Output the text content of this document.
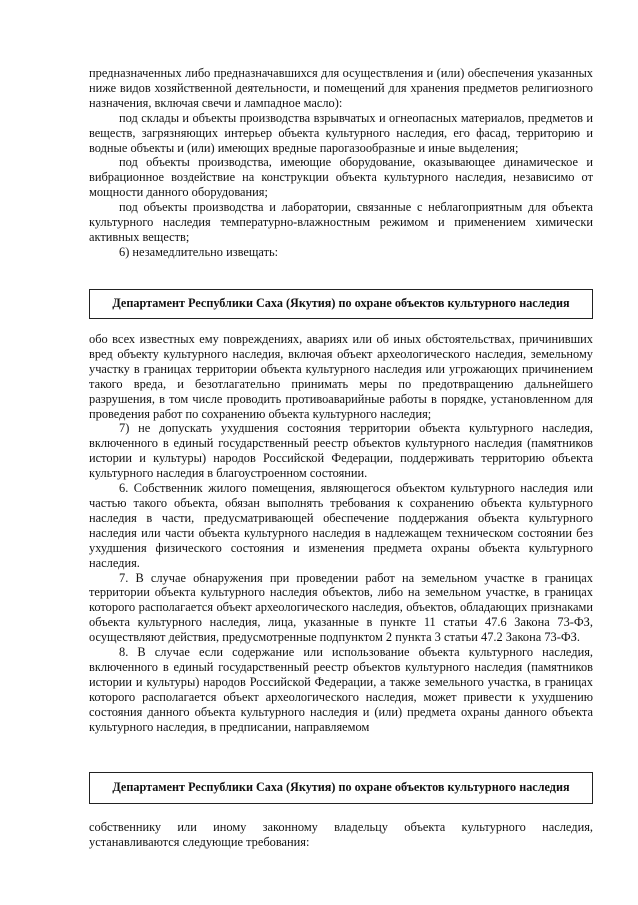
предназначенных либо предназначавшихся для осуществления и (или) обеспечения указанных ниже видов хозяйственной деятельности, и помещений для хранения предметов религиозного назначения, включая свечи и лампадное масло):

под склады и объекты производства взрывчатых и огнеопасных материалов, предметов и веществ, загрязняющих интерьер объекта культурного наследия, его фасад, территорию и водные объекты и (или) имеющих вредные парогазообразные и иные выделения;

под объекты производства, имеющие оборудование, оказывающее динамическое и вибрационное воздействие на конструкции объекта культурного наследия, независимо от мощности данного оборудования;

под объекты производства и лаборатории, связанные с неблагоприятным для объекта культурного наследия температурно-влажностным режимом и применением химически активных веществ;

6) незамедлительно извещать:

Департамент Республики Саха (Якутия) по охране объектов культурного наследия

обо всех известных ему повреждениях, авариях или об иных обстоятельствах, причинивших вред объекту культурного наследия, включая объект археологического наследия, земельному участку в границах территории объекта культурного наследия или угрожающих причинением такого вреда, и безотлагательно принимать меры по предотвращению дальнейшего разрушения, в том числе проводить противоаварийные работы в порядке, установленном для проведения работ по сохранению объекта культурного наследия;

7) не допускать ухудшения состояния территории объекта культурного наследия, включенного в единый государственный реестр объектов культурного наследия (памятников истории и культуры) народов Российской Федерации, поддерживать территорию объекта культурного наследия в благоустроенном состоянии.

6. Собственник жилого помещения, являющегося объектом культурного наследия или частью такого объекта, обязан выполнять требования к сохранению объекта культурного наследия в части, предусматривающей обеспечение поддержания объекта культурного наследия или части объекта культурного наследия в надлежащем техническом состоянии без ухудшения физического состояния и изменения предмета охраны объекта культурного наследия.

7. В случае обнаружения при проведении работ на земельном участке в границах территории объекта культурного наследия объектов, либо на земельном участке, в границах которого располагается объект археологического наследия, объектов, обладающих признаками объекта культурного наследия, лица, указанные в пункте 11 статьи 47.6 Закона 73-ФЗ, осуществляют действия, предусмотренные подпунктом 2 пункта 3 статьи 47.2 Закона 73-ФЗ.

8. В случае если содержание или использование объекта культурного наследия, включенного в единый государственный реестр объектов культурного наследия (памятников истории и культуры) народов Российской Федерации, а также земельного участка, в границах которого располагается объект археологического наследия, может привести к ухудшению состояния данного объекта культурного наследия и (или) предмета охраны данного объекта культурного наследия, в предписании, направляемом

Департамент Республики Саха (Якутия) по охране объектов культурного наследия

собственнику или иному законному владельцу объекта культурного наследия, устанавливаются следующие требования:
